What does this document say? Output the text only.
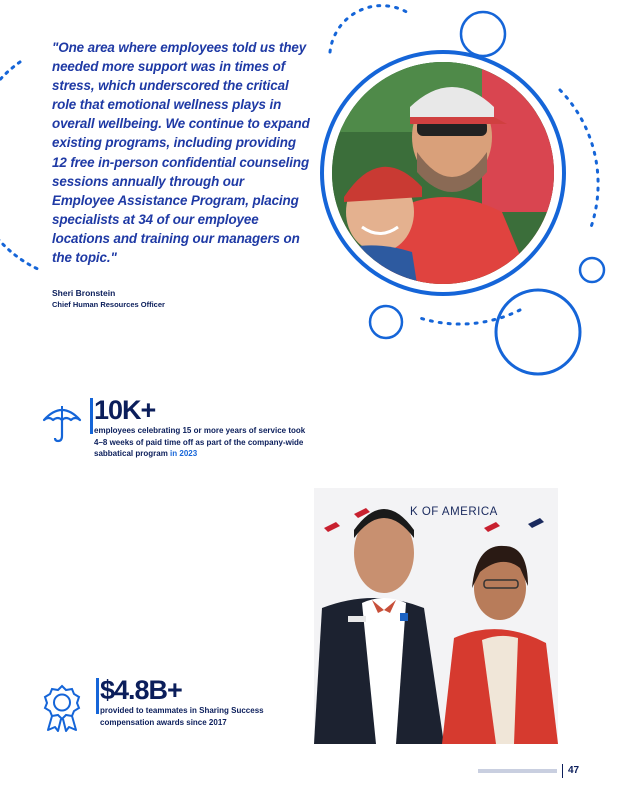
"One area where employees told us they needed more support was in times of stress, which underscored the critical role that emotional wellness plays in overall wellbeing. We continue to expand existing programs, including providing 12 free in-person confidential counseling sessions annually through our Employee Assistance Program, placing specialists at 34 of our employee locations and training our managers on the topic."

Sheri Bronstein
Chief Human Resources Officer
10K+

employees celebrating 15 or more years of service took 4–8 weeks of paid time off as part of the company-wide sabbatical program in 2023

K OF AMERICA
$4.8B+

provided to teammates in Sharing Success compensation awards since 2017

47
